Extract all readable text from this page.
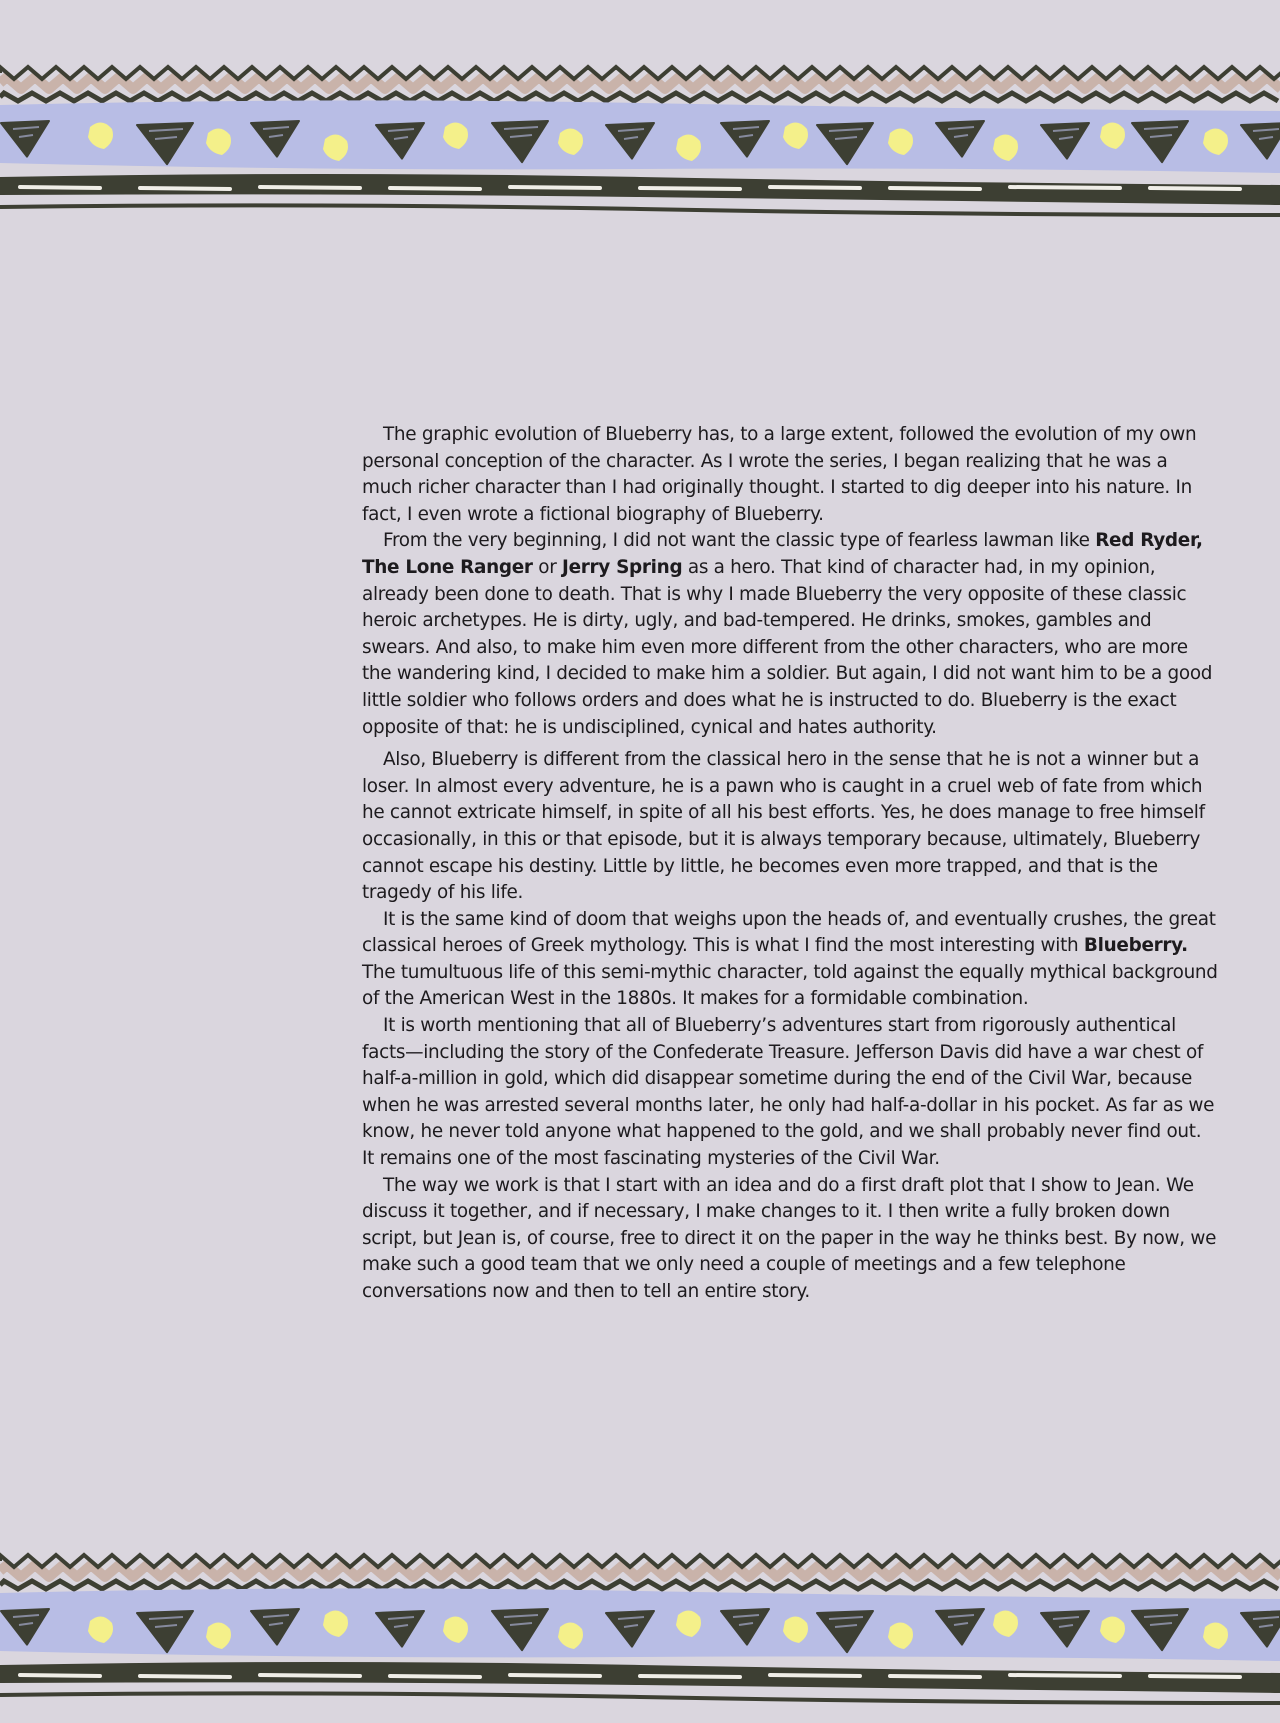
The graphic evolution of Blueberry has, to a large extent, followed the evolution of my own personal conception of the character. As I wrote the series, I began realizing that he was a much richer character than I had originally thought. I started to dig deeper into his nature. In fact, I even wrote a fictional biography of Blueberry.

From the very beginning, I did not want the classic type of fearless lawman like Red Ryder, The Lone Ranger or Jerry Spring as a hero. That kind of character had, in my opinion, already been done to death. That is why I made Blueberry the very opposite of these classic heroic archetypes. He is dirty, ugly, and bad-tempered. He drinks, smokes, gambles and swears. And also, to make him even more different from the other characters, who are more the wandering kind, I decided to make him a soldier. But again, I did not want him to be a good little soldier who follows orders and does what he is instructed to do. Blueberry is the exact opposite of that: he is undisciplined, cynical and hates authority.

Also, Blueberry is different from the classical hero in the sense that he is not a winner but a loser. In almost every adventure, he is a pawn who is caught in a cruel web of fate from which he cannot extricate himself, in spite of all his best efforts. Yes, he does manage to free himself occasionally, in this or that episode, but it is always temporary because, ultimately, Blueberry cannot escape his destiny. Little by little, he becomes even more trapped, and that is the tragedy of his life.

It is the same kind of doom that weighs upon the heads of, and eventually crushes, the great classical heroes of Greek mythology. This is what I find the most interesting with Blueberry. The tumultuous life of this semi-mythic character, told against the equally mythical background of the American West in the 1880s. It makes for a formidable combination.

It is worth mentioning that all of Blueberry’s adventures start from rigorously authentical facts—including the story of the Confederate Treasure. Jefferson Davis did have a war chest of half-a-million in gold, which did disappear sometime during the end of the Civil War, because when he was arrested several months later, he only had half-a-dollar in his pocket. As far as we know, he never told anyone what happened to the gold, and we shall probably never find out. It remains one of the most fascinating mysteries of the Civil War.

The way we work is that I start with an idea and do a first draft plot that I show to Jean. We discuss it together, and if necessary, I make changes to it. I then write a fully broken down script, but Jean is, of course, free to direct it on the paper in the way he thinks best. By now, we make such a good team that we only need a couple of meetings and a few telephone conversations now and then to tell an entire story.
